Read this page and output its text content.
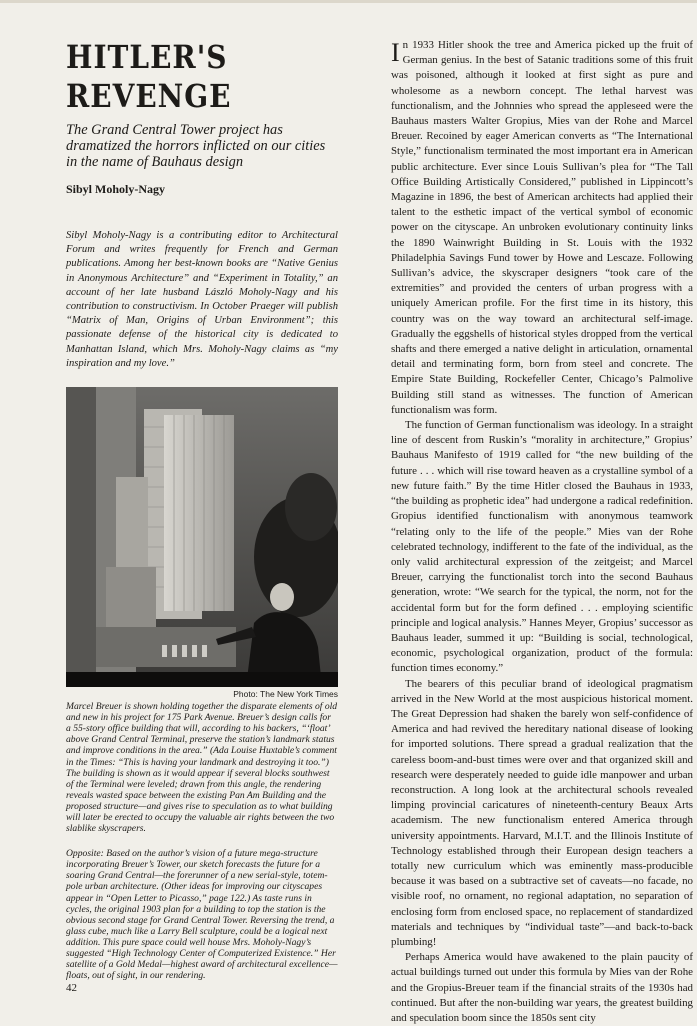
HITLER'S REVENGE

The Grand Central Tower project has dramatized the horrors inflicted on our cities in the name of Bauhaus design

Sibyl Moholy-Nagy

Sibyl Moholy-Nagy is a contributing editor to Architectural Forum and writes frequently for French and German publications. Among her best-known books are “Native Genius in Anonymous Architecture” and “Experiment in Totality,” an account of her late husband László Moholy-Nagy and his contribution to constructivism. In October Praeger will publish “Matrix of Man, Origins of Urban Environment”; this passionate defense of the historical city is dedicated to Manhattan Island, which Mrs. Moholy-Nagy claims as “my inspiration and my love.”

Photo: The New York Times

Marcel Breuer is shown holding together the disparate elements of old and new in his project for 175 Park Avenue. Breuer’s design calls for a 55-story office building that will, according to his backers, “‘float’ above Grand Central Terminal, preserve the station’s landmark status and improve conditions in the area.” (Ada Louise Huxtable’s comment in the Times: “This is having your landmark and destroying it too.”) The building is shown as it would appear if several blocks southwest of the Terminal were leveled; drawn from this angle, the rendering reveals wasted space between the existing Pan Am Building and the proposed structure—and gives rise to speculation as to what building will later be erected to occupy the valuable air rights between the two slablike skyscrapers.

Opposite: Based on the author’s vision of a future mega-structure incorporating Breuer’s Tower, our sketch forecasts the future for a soaring Grand Central—the forerunner of a new serial-style, totem-pole urban architecture. (Other ideas for improving our cityscapes appear in “Open Letter to Picasso,” page 122.) As taste runs in cycles, the original 1903 plan for a building to top the station is the obvious second stage for Grand Central Tower. Reversing the trend, a glass cube, much like a Larry Bell sculpture, could be a logical next addition. This pure space could well house Mrs. Moholy-Nagy’s suggested “High Technology Center of Computerized Existence.” Her satellite of a Gold Medal—highest award of architectural excellence—floats, out of sight, in our rendering.

In 1933 Hitler shook the tree and America picked up the fruit of German genius. In the best of Satanic traditions some of this fruit was poisoned, although it looked at first sight as pure and wholesome as a newborn concept. The lethal harvest was functionalism, and the Johnnies who spread the appleseed were the Bauhaus masters Walter Gropius, Mies van der Rohe and Marcel Breuer. Recoined by eager American converts as “The International Style,” functionalism terminated the most important era in American public architecture. Ever since Louis Sullivan’s plea for “The Tall Office Building Artistically Considered,” published in Lippincott’s Magazine in 1896, the best of American architects had applied their talent to the esthetic impact of the vertical symbol of economic power on the cityscape. An unbroken evolutionary continuity links the 1890 Wainwright Building in St. Louis with the 1932 Philadelphia Savings Fund tower by Howe and Lescaze. Following Sullivan’s advice, the skyscraper designers “took care of the extremities” and provided the centers of urban progress with a uniquely American profile. For the first time in its history, this country was on the way toward an architectural self-image. Gradually the eggshells of historical styles dropped from the vertical shafts and there emerged a native delight in articulation, ornamental detail and terminating form, born from steel and concrete. The Empire State Building, Rockefeller Center, Chicago’s Palmolive Building still stand as witnesses. The function of American functionalism was form.

The function of German functionalism was ideology. In a straight line of descent from Ruskin’s “morality in architecture,” Gropius’ Bauhaus Manifesto of 1919 called for “the new building of the future . . . which will rise toward heaven as a crystalline symbol of a new future faith.” By the time Hitler closed the Bauhaus in 1933, “the building as prophetic idea” had undergone a radical redefinition. Gropius identified functionalism with anonymous teamwork “relating only to the life of the people.” Mies van der Rohe celebrated technology, indifferent to the fate of the individual, as the only valid architectural expression of the zeitgeist; and Marcel Breuer, carrying the functionalist torch into the second Bauhaus generation, wrote: “We search for the typical, the norm, not for the accidental form but for the form defined . . . employing scientific principle and logical analysis.” Hannes Meyer, Gropius’ successor as Bauhaus leader, summed it up: “Building is social, technological, economic, psychological organization, product of the formula: function times economy.”

The bearers of this peculiar brand of ideological pragmatism arrived in the New World at the most auspicious historical moment. The Great Depression had shaken the barely won self-confidence of America and had revived the hereditary national disease of looking for imported solutions. There spread a gradual realization that the careless boom-and-bust times were over and that organized skill and research were desperately needed to guide idle manpower and urban reconstruction. A long look at the architectural schools revealed limping provincial caricatures of nineteenth-century Beaux Arts academism. The new functionalism entered America through university appointments. Harvard, M.I.T. and the Illinois Institute of Technology established through their European design teachers a totally new curriculum which was eminently mass-producible because it was based on a subtractive set of caveats—no facade, no visible roof, no ornament, no regional adaptation, no separation of enclosing form from enclosed space, no replacement of standardized materials and techniques by “individual taste”—and back-to-back plumbing!

Perhaps America would have awakened to the plain paucity of actual buildings turned out under this formula by Mies van der Rohe and the Gropius-Breuer team if the financial straits of the 1930s had continued. But after the non-building war years, the greatest building and speculation boom since the 1850s sent city

42
